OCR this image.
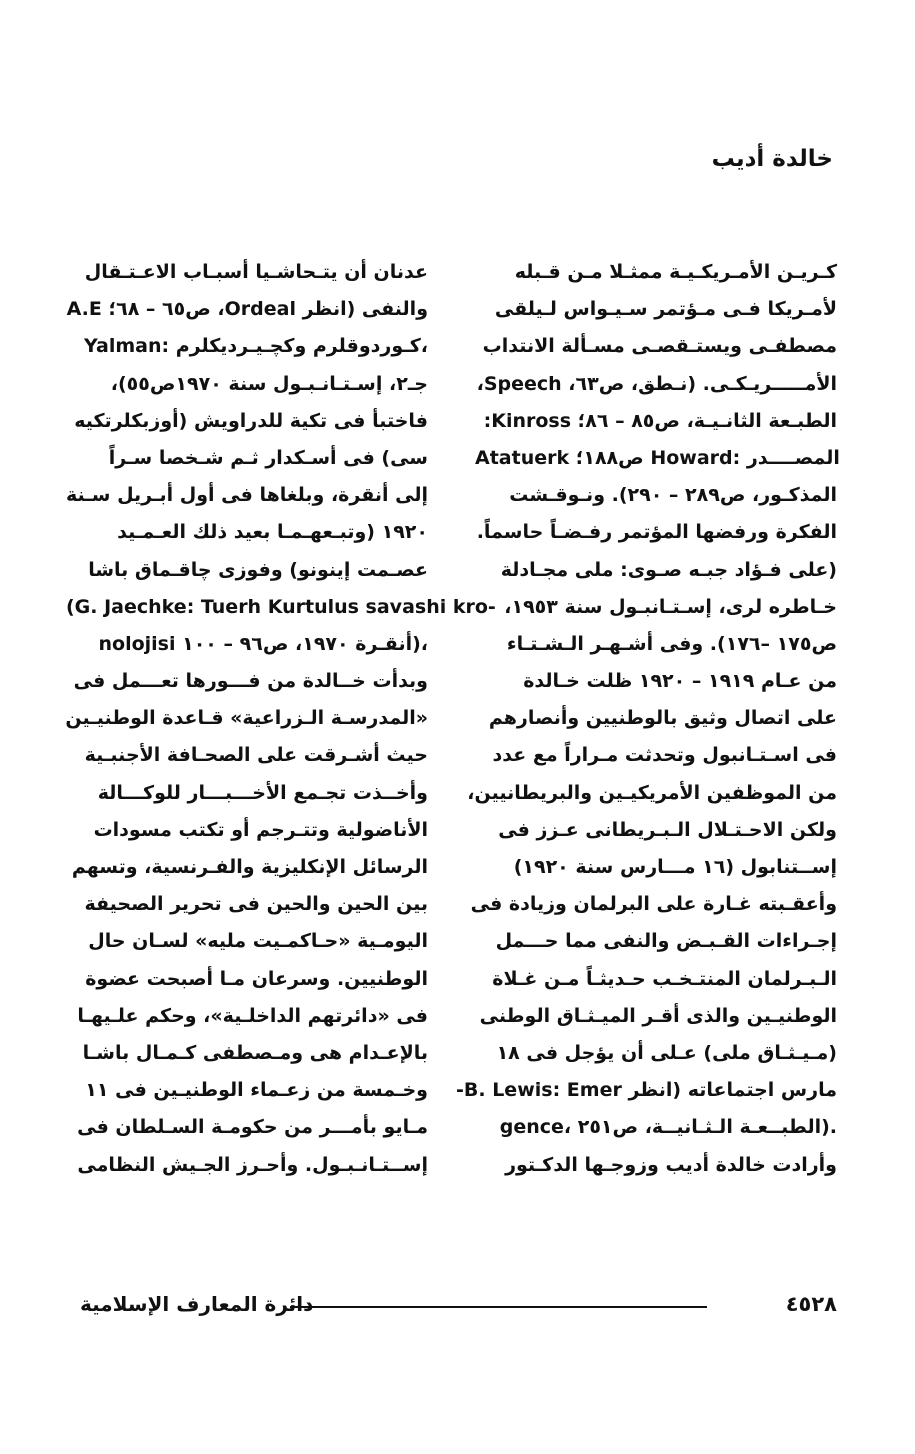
خالدة أديب
كـريـن الأمـريكـيـة ممثـلا مـن قـبله
لأمـريكا فـى مـؤتمر سـيـواس لـيلقى
مصطفـى ويستـقصـى مسـألة الانتداب
الأمـــــريـكـى. (نـطق، ص٦٣، Speech،
الطبـعة الثانـيـة، ص٨٥ – ٨٦؛ Kinross:
Atatuerk ص١٨٨؛ Howard: المصــــدر
المذكـور، ص٢٨٩ – ٢٩٠). ونـوقـشت
الفكرة ورفضها المؤتمر رفـضـاً حاسماً.
(على فـؤاد جبـه صـوى: ملى مجـادلة
خـاطره لرى، إسـتـانبـول سنة ١٩٥٣،
ص١٧٥ –١٧٦). وفى أشـهـر الـشـتـاء
من عـام ١٩١٩ – ١٩٢٠ ظلت خـالدة
على اتصال وثيق بالوطنيين وأنصارهم
فى اسـتـانبول وتحدثت مـراراً مع عدد
من الموظفين الأمريكيـين والبريطانيين،
ولكن الاحـتـلال الـبـريطانى عـزز فى
إســتنابول (١٦ مـــارس سنة ١٩٢٠)
وأعقـبته غـارة على البرلمان وزيادة فى
إجـراءات القـبـض والنفى مما حـــمل
الـبـرلمان المنتـخـب حـديثـاً مـن غـلاة
الوطنيـين والذى أقـر الميـثـاق الوطنى
(مـيـثـاق ملى) عـلى أن يؤجل فى ١٨
مارس اجتماعاته (انظر B. Lewis: Emer-
gence، الطبــعـة الـثـانيــة، ص٢٥١).
وأرادت خالدة أديب وزوجـها الدكـتور
عدنان أن يتـحاشـيا أسبـاب الاعـتـقال
والنفى (انظر Ordeal، ص٦٥ – ٦٨؛ A.E
Yalman: كـوردوقلرم وكچـيـرديكلرم،
جـ٢، إسـتـانـبـول سنة ١٩٧٠ص٥٥)،
فاختبأ فى تكية للدراويش (أوزبكلرتكيه
سى) فى أسـكدار ثـم شـخصا سـراً
إلى أنقرة، وبلغاها فى أول أبـريل سـنة
١٩٢٠ (وتبـعهـمـا بعيد ذلك العـمـيد
عصـمت إينونو) وفوزى چاقـماق باشا
(G. Jaechke: Tuerh Kurtulus savashi kro-
nolojisi أنقـرة ١٩٧٠، ص٩٦ – ١٠٠)،
وبدأت خــالدة من فـــورها تعـــمل فى
«المدرسـة الـزراعية» قـاعدة الوطنيـين
حيث أشـرقت على الصحـافة الأجنبـية
وأخــذت تجـمع الأخـــبـــار للوكـــالة
الأناضولية وتتـرجم أو تكتب مسودات
الرسائل الإنكليزية والفـرنسية، وتسهم
بين الحين والحين فى تحرير الصحيفة
اليومـية «حـاكمـيت مليه» لسـان حال
الوطنيين. وسرعان مـا أصبحت عضوة
فى «دائرتهم الداخلـية»، وحكم علـيهـا
بالإعـدام هى ومـصطفى كـمـال باشـا
وخـمسة من زعـماء الوطنيـين فى ١١
مـايو بأمـــر من حكومـة السـلطان فى
إســتـانـبـول. وأحـرز الجـيش النظامى
٤٥٢٨
دائرة المعارف الإسلامية
